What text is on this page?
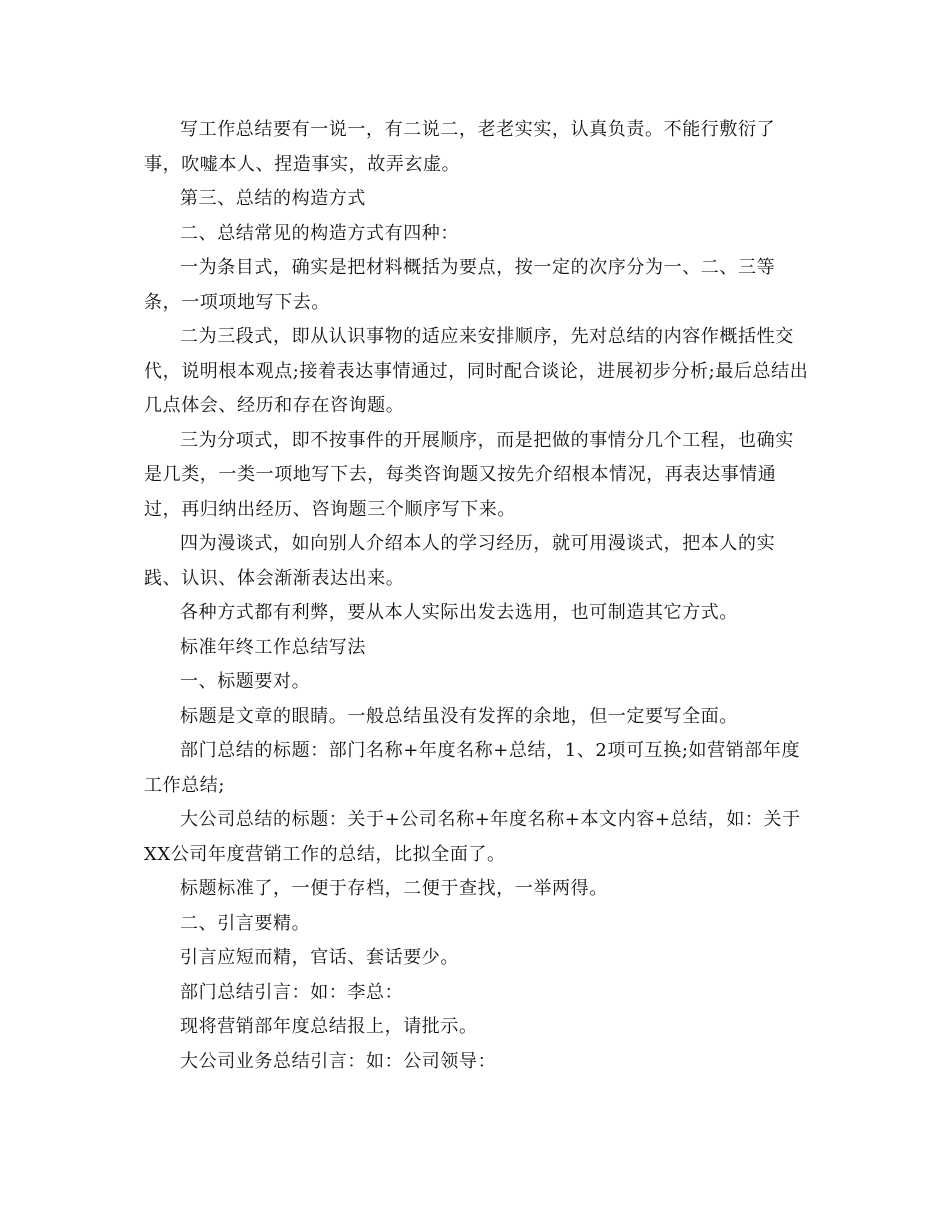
写工作总结要有一说一，有二说二，老老实实，认真负责。不能行敷衍了事，吹嘘本人、捏造事实，故弄玄虚。

第三、总结的构造方式

二、总结常见的构造方式有四种：

一为条目式，确实是把材料概括为要点，按一定的次序分为一、二、三等条，一项项地写下去。

二为三段式，即从认识事物的适应来安排顺序，先对总结的内容作概括性交代，说明根本观点;接着表达事情通过，同时配合谈论，进展初步分析;最后总结出几点体会、经历和存在咨询题。

三为分项式，即不按事件的开展顺序，而是把做的事情分几个工程，也确实是几类，一类一项地写下去，每类咨询题又按先介绍根本情况，再表达事情通过，再归纳出经历、咨询题三个顺序写下来。

四为漫谈式，如向别人介绍本人的学习经历，就可用漫谈式，把本人的实践、认识、体会渐渐表达出来。

各种方式都有利弊，要从本人实际出发去选用，也可制造其它方式。

标准年终工作总结写法

一、标题要对。

标题是文章的眼睛。一般总结虽没有发挥的余地，但一定要写全面。

部门总结的标题：部门名称+年度名称+总结，1、2项可互换;如营销部年度工作总结;

大公司总结的标题：关于+公司名称+年度名称+本文内容+总结，如：关于XX公司年度营销工作的总结，比拟全面了。

标题标准了，一便于存档，二便于查找，一举两得。

二、引言要精。

引言应短而精，官话、套话要少。

部门总结引言：如：李总：

现将营销部年度总结报上，请批示。

大公司业务总结引言：如：公司领导：
